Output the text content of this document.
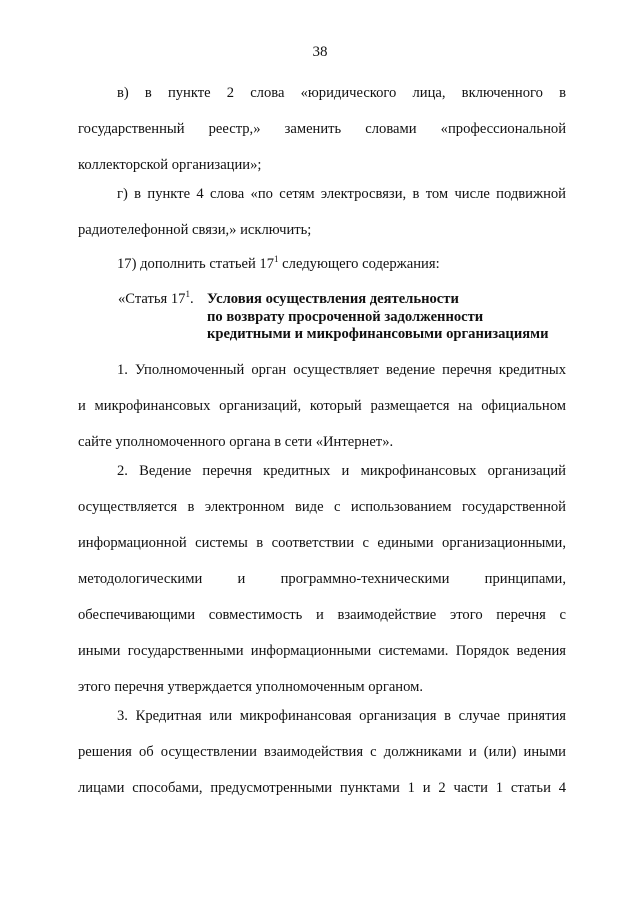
38
в) в пункте 2 слова «юридического лица, включенного в
государственный реестр,» заменить словами «профессиональной
коллекторской организации»;
г) в пункте 4 слова «по сетям электросвязи, в том числе подвижной
радиотелефонной связи,» исключить;
17) дополнить статьей $17^1$ следующего содержания:
«Статья $17^1$. Условия осуществления деятельности
по возврату просроченной задолженности
кредитными и микрофинансовыми организациями
1. Уполномоченный орган осуществляет ведение перечня кредитных
и микрофинансовых организаций, который размещается на официальном
сайте уполномоченного органа в сети «Интернет».
2. Ведение перечня кредитных и микрофинансовых организаций
осуществляется в электронном виде с использованием государственной
информационной системы в соответствии с едиными организационными,
методологическими и программно-техническими принципами,
обеспечивающими совместимость и взаимодействие этого перечня с
иными государственными информационными системами. Порядок ведения
этого перечня утверждается уполномоченным органом.
3. Кредитная или микрофинансовая организация в случае принятия
решения об осуществлении взаимодействия с должниками и (или) иными
лицами способами, предусмотренными пунктами 1 и 2 части 1 статьи 4
